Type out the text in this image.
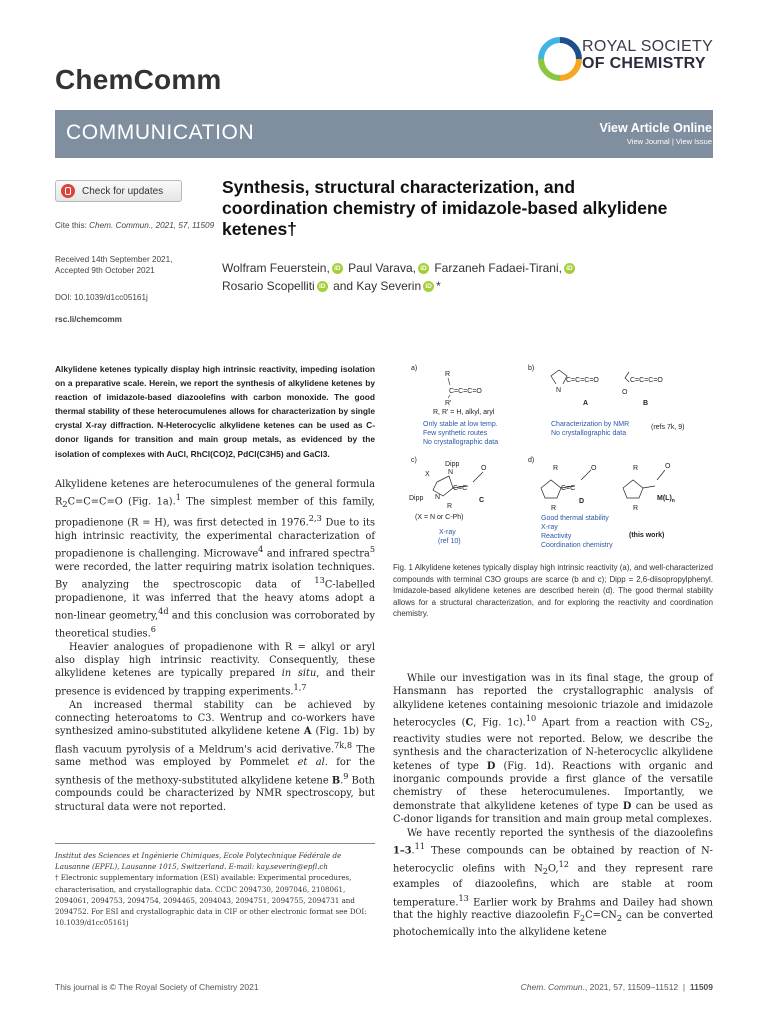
ChemComm
ROYAL SOCIETY
OF CHEMISTRY
COMMUNICATION	View Article Online
View Journal | View Issue
Check for updates
Cite this: Chem. Commun., 2021, 57, 11509
Received 14th September 2021,
Accepted 9th October 2021
DOI: 10.1039/d1cc05161j
rsc.li/chemcomm
Synthesis, structural characterization, and coordination chemistry of imidazole-based alkylidene ketenes†
Wolfram Feuerstein, iD Paul Varava, iD Farzaneh Fadaei-Tirani, iD
Rosario Scopelliti iD and Kay Severin iD *
Alkylidene ketenes typically display high intrinsic reactivity, impeding isolation on a preparative scale. Herein, we report the synthesis of alkylidene ketenes by reaction of imidazole-based diazoolefins with carbon monoxide. The good thermal stability of these heterocumulenes allows for characterization by single crystal X-ray diffraction. N-Heterocyclic alkylidene ketenes can be used as C-donor ligands for transition and main group metals, as evidenced by the isolation of complexes with AuCl, RhCl(CO)2, PdCl(C3H5) and GaCl3.

Alkylidene ketenes are heterocumulenes of the general formula $R_2C=C=C=O$ (Fig. 1a).$^1$ The simplest member of this family, propadienone (R = H), was first detected in 1976.$^{2,3}$ Due to its high intrinsic reactivity, the experimental characterization of propadienone is challenging. Microwave$^4$ and infrared spectra$^5$ were recorded, the latter requiring matrix isolation techniques. By analyzing the spectroscopic data of $^{13}$C-labelled propadienone, it was inferred that the heavy atoms adopt a non-linear geometry,$^{4d}$ and this conclusion was corroborated by theoretical studies.$^6$

Heavier analogues of propadienone with R = alkyl or aryl also display high intrinsic reactivity. Consequently, these alkylidene ketenes are typically prepared in situ, and their presence is evidenced by trapping experiments.$^{1,7}$

An increased thermal stability can be achieved by connecting heteroatoms to C3. Wentrup and co-workers have synthesized amino-substituted alkylidene ketene A (Fig. 1b) by flash vacuum pyrolysis of a Meldrum's acid derivative.$^{7k,8}$ The same method was employed by Pommelet et al. for the synthesis of the methoxy-substituted alkylidene ketene B.$^9$ Both compounds could be characterized by NMR spectroscopy, but structural data were not reported.

Institut des Sciences et Ingénierie Chimiques, Ecole Polytechnique Fédérale de Lausanne (EPFL), Lausanne 1015, Switzerland. E-mail: kay.severin@epfl.ch
† Electronic supplementary information (ESI) available: Experimental procedures, characterisation, and crystallographic data. CCDC 2094730, 2097046, 2108061, 2094061, 2094753, 2094754, 2094465, 2094043, 2094751, 2094755, 2094731 and 2094752. For ESI and crystallographic data in CIF or other electronic format see DOI: 10.1039/d1cc05161j
a)	b)
c)	d)
R
C=C=C=O
R'
R, R' = H, alkyl, aryl
Only stable at low temp.
Few synthetic routes
No crystallographic data
N
C=C=C=O	C=C=C=O
O
A	B
(refs 7k, 9)
Characterization by NMR
No crystallographic data
Dipp
Dipp
X	N
N
C=C
O
C
R
(X = N or C-Ph)
X-ray
(ref 10)
R
R
C=C
O
D
R
R
O
$M(L)_n$
(this work)
Good thermal stability
X-ray
Reactivity
Coordination chemistry
Fig. 1 Alkylidene ketenes typically display high intrinsic reactivity (a), and well-characterized compounds with terminal C3O groups are scarce (b and c); Dipp = 2,6-diisopropylphenyl. Imidazole-based alkylidene ketenes are described herein (d). The good thermal stability allows for a structural characterization, and for exploring the reactivity and coordination chemistry.

While our investigation was in its final stage, the group of Hansmann has reported the crystallographic analysis of alkylidene ketenes containing mesoionic triazole and imidazole heterocycles (C, Fig. 1c).$^{10}$ Apart from a reaction with $CS_2$, reactivity studies were not reported. Below, we describe the synthesis and the characterization of N-heterocyclic alkylidene ketenes of type D (Fig. 1d). Reactions with organic and inorganic compounds provide a first glance of the versatile chemistry of these heterocumulenes. Importantly, we demonstrate that alkylidene ketenes of type D can be used as C-donor ligands for transition and main group metal complexes.

We have recently reported the synthesis of the diazoolefins 1–3.11 These compounds can be obtained by reaction of N-heterocyclic olefins with $N_2O,^{12}$ and they represent rare examples of diazoolefins, which are stable at room temperature.$^{13}$ Earlier work by Brahms and Dailey had shown that the highly reactive diazoolefin $F_2C=CN_2$ can be converted photochemically into the alkylidene ketene

This journal is © The Royal Society of Chemistry 2021	Chem. Commun., 2021, 57, 11509–11512  |  11509
